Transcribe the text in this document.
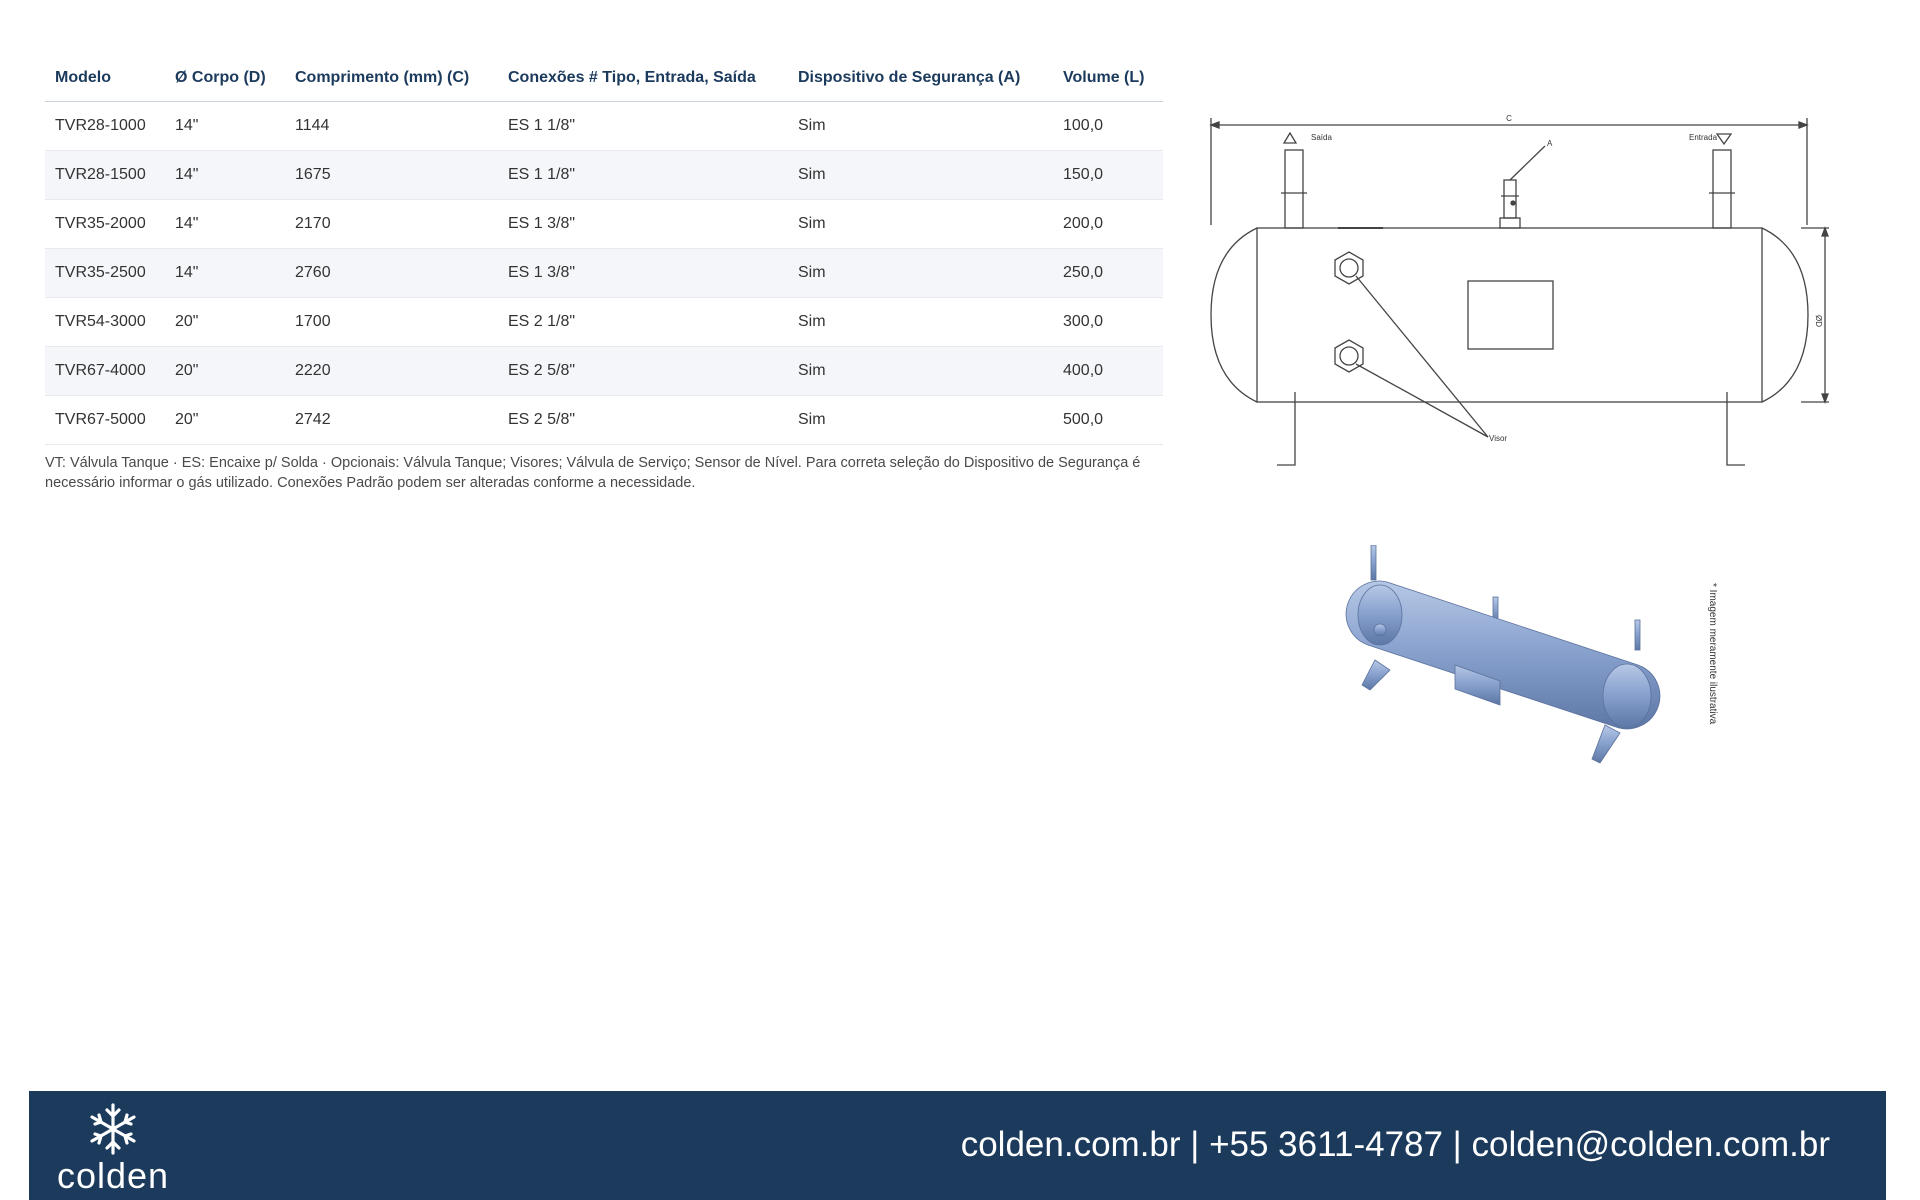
Modelo	Ø Corpo (D)	Comprimento (mm) (C)	Conexões # Tipo, Entrada, Saída	Dispositivo de Segurança (A)	Volume (L)
TVR28-1000	14"	1144	ES 1 1/8"	Sim	100,0
TVR28-1500	14"	1675	ES 1 1/8"	Sim	150,0
TVR35-2000	14"	2170	ES 1 3/8"	Sim	200,0
TVR35-2500	14"	2760	ES 1 3/8"	Sim	250,0
TVR54-3000	20"	1700	ES 2 1/8"	Sim	300,0
TVR67-4000	20"	2220	ES 2 5/8"	Sim	400,0
TVR67-5000	20"	2742	ES 2 5/8"	Sim	500,0
VT: Válvula Tanque · ES: Encaixe p/ Solda · Opcionais: Válvula Tanque; Visores; Válvula de Serviço; Sensor de Nível. Para correta seleção do Dispositivo de Segurança é necessário informar o gás utilizado. Conexões Padrão podem ser alteradas conforme a necessidade.
C
Saída	Entrada
A
Visor
ØD
* Imagem meramente ilustrativa
colden
colden.com.br | +55 3611-4787 | colden@colden.com.br
